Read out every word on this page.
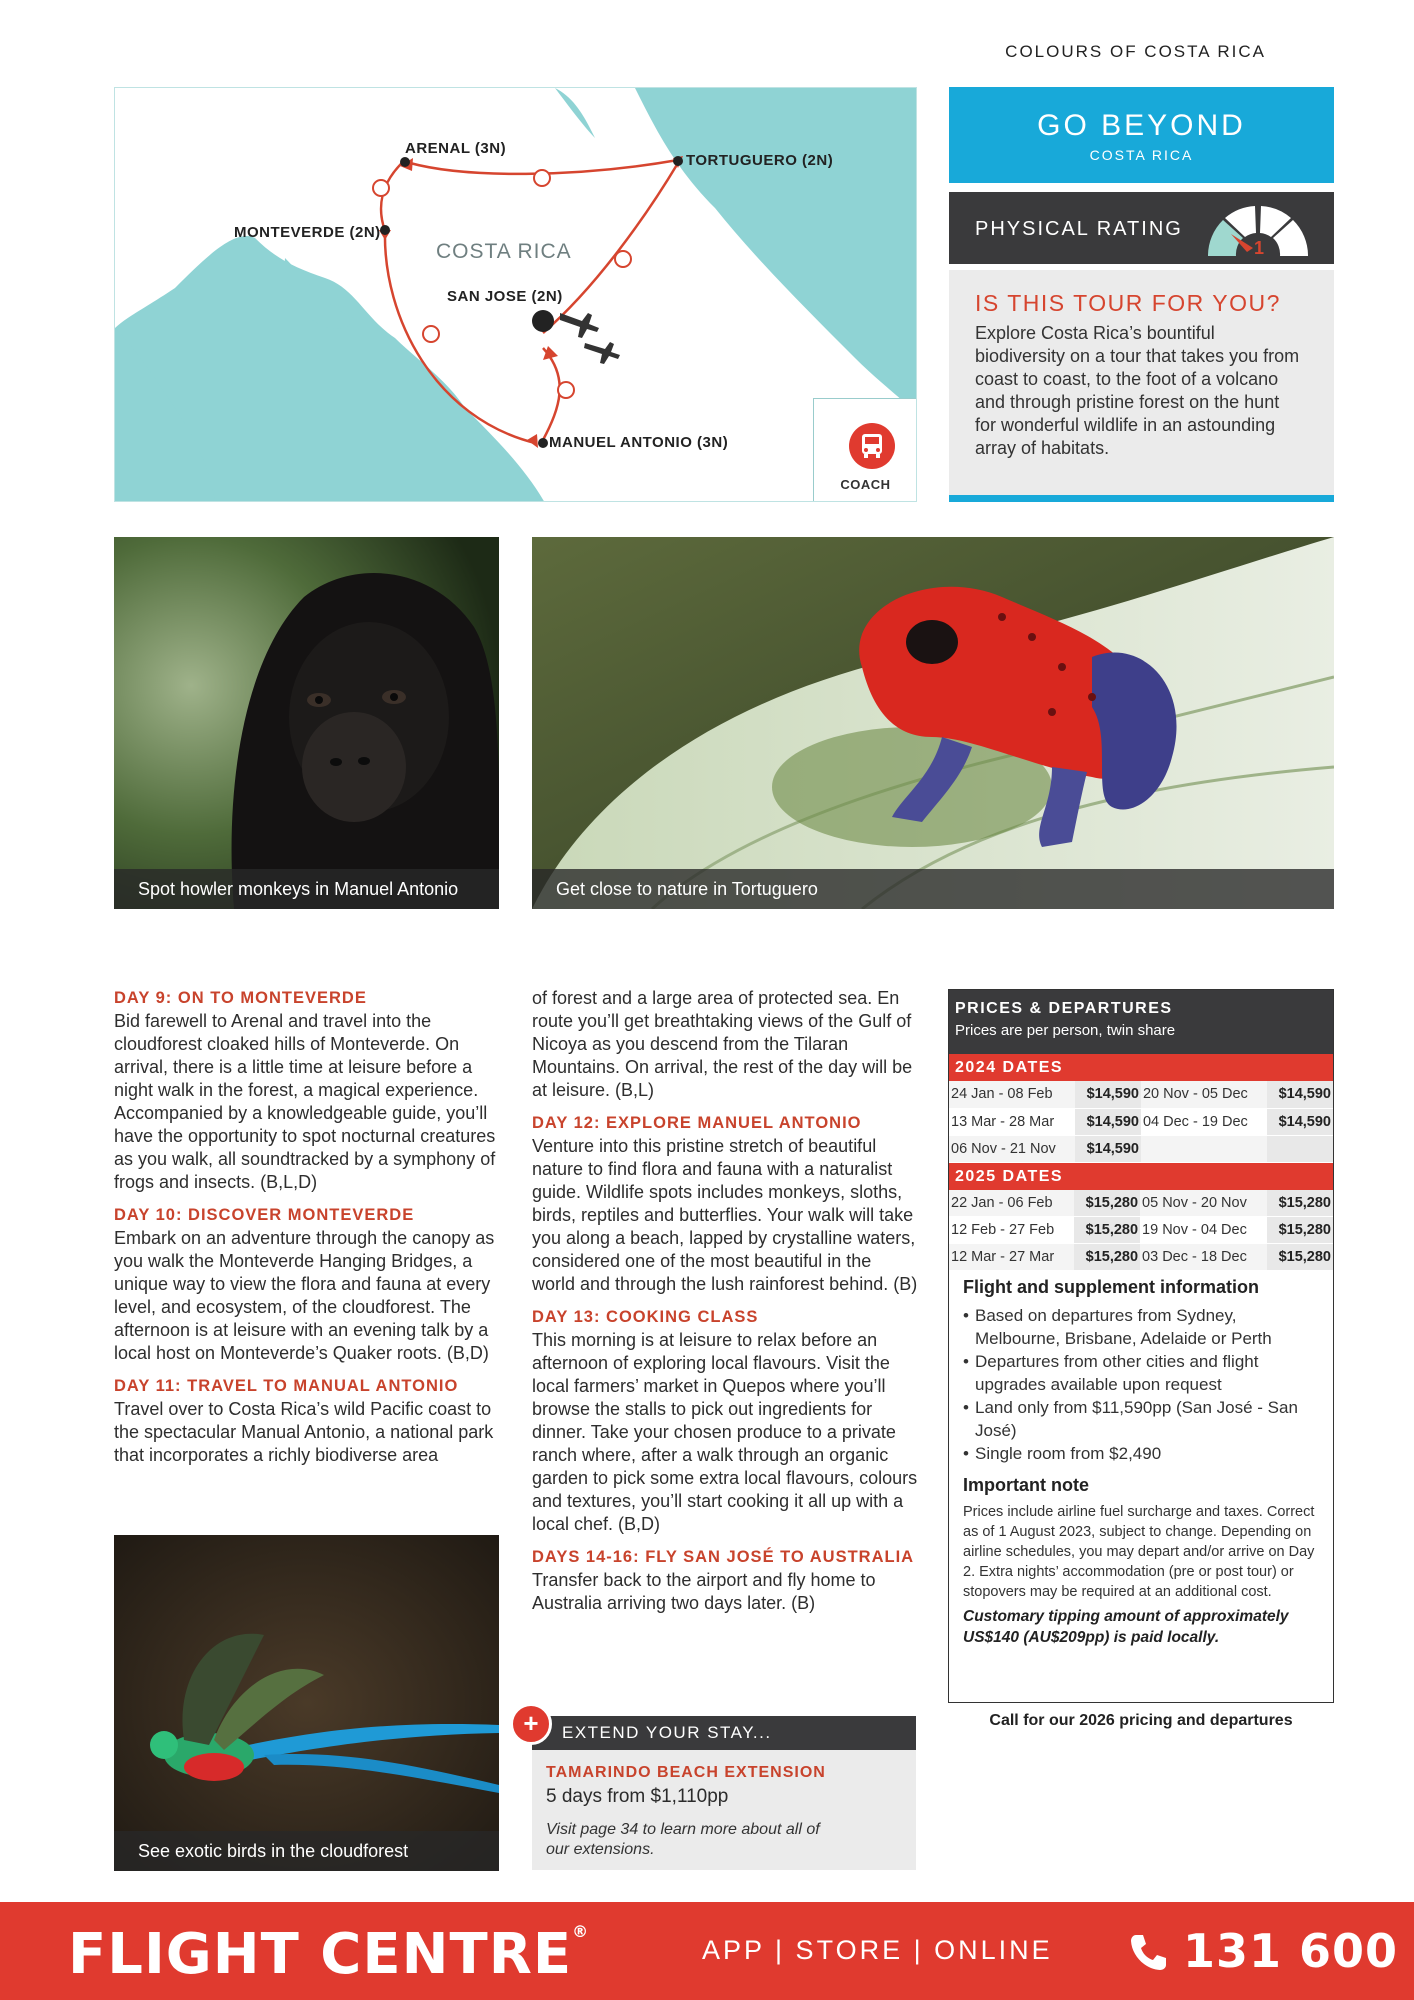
COLOURS OF COSTA RICA
ARENAL (3N)
TORTUGUERO (2N)
MONTEVERDE (2N)
SAN JOSE (2N)
MANUEL ANTONIO (3N)
COSTA RICA
COACH
GO BEYOND
COSTA RICA
PHYSICAL RATING
1
IS THIS TOUR FOR YOU?
Explore Costa Rica’s bountiful biodiversity on a tour that takes you from coast to coast, to the foot of a volcano and through pristine forest on the hunt for wonderful wildlife in an astounding array of habitats.
Spot howler monkeys in Manuel Antonio	Get close to nature in Tortuguero
DAY 9: ON TO MONTEVERDE
Bid farewell to Arenal and travel into the cloudforest cloaked hills of Monteverde. On arrival, there is a little time at leisure before a night walk in the forest, a magical experience. Accompanied by a knowledgeable guide, you’ll have the opportunity to spot nocturnal creatures as you walk, all soundtracked by a symphony of frogs and insects. (B,L,D)
DAY 10: DISCOVER MONTEVERDE
Embark on an adventure through the canopy as you walk the Monteverde Hanging Bridges, a unique way to view the flora and fauna at every level, and ecosystem, of the cloudforest. The afternoon is at leisure with an evening talk by a local host on Monteverde’s Quaker roots. (B,D)
DAY 11: TRAVEL TO MANUAL ANTONIO
Travel over to Costa Rica’s wild Pacific coast to the spectacular Manual Antonio, a national park that incorporates a richly biodiverse area
of forest and a large area of protected sea. En route you’ll get breathtaking views of the Gulf of Nicoya as you descend from the Tilaran Mountains. On arrival, the rest of the day will be at leisure. (B,L)
DAY 12: EXPLORE MANUEL ANTONIO
Venture into this pristine stretch of beautiful nature to find flora and fauna with a naturalist guide. Wildlife spots includes monkeys, sloths, birds, reptiles and butterflies. Your walk will take you along a beach, lapped by crystalline waters, considered one of the most beautiful in the world and through the lush rainforest behind. (B)
DAY 13: COOKING CLASS
This morning is at leisure to relax before an afternoon of exploring local flavours. Visit the local farmers’ market in Quepos where you’ll browse the stalls to pick out ingredients for dinner. Take your chosen produce to a private ranch where, after a walk through an organic garden to pick some extra local flavours, colours and textures, you’ll start cooking it all up with a local chef. (B,D)
DAYS 14-16: FLY SAN JOSÉ TO AUSTRALIA
Transfer back to the airport and fly home to Australia arriving two days later. (B)
See exotic birds in the cloudforest
EXTEND YOUR STAY...
+
TAMARINDO BEACH EXTENSION
5 days from $1,110pp
Visit page 34 to learn more about all of our extensions.
PRICES & DEPARTURES
Prices are per person, twin share
2024 DATES
24 Jan - 08 Feb	$14,590	20 Nov - 05 Dec	$14,590
13 Mar - 28 Mar	$14,590	04 Dec - 19 Dec	$14,590
06 Nov - 21 Nov	$14,590		
2025 DATES
22 Jan - 06 Feb	$15,280	05 Nov - 20 Nov	$15,280
12 Feb - 27 Feb	$15,280	19 Nov - 04 Dec	$15,280
12 Mar - 27 Mar	$15,280	03 Dec - 18 Dec	$15,280
Flight and supplement information
• Based on departures from Sydney, Melbourne, Brisbane, Adelaide or Perth
• Departures from other cities and flight upgrades available upon request
• Land only from $11,590pp (San José - San José)
• Single room from $2,490
Important note
Prices include airline fuel surcharge and taxes. Correct as of 1 August 2023, subject to change. Depending on airline schedules, you may depart and/or arrive on Day 2. Extra nights’ accommodation (pre or post tour) or stopovers may be required at an additional cost.
Customary tipping amount of approximately US$140 (AU$209pp) is paid locally.
Call for our 2026 pricing and departures
FLIGHT CENTRE®
APP | STORE | ONLINE	131 600
